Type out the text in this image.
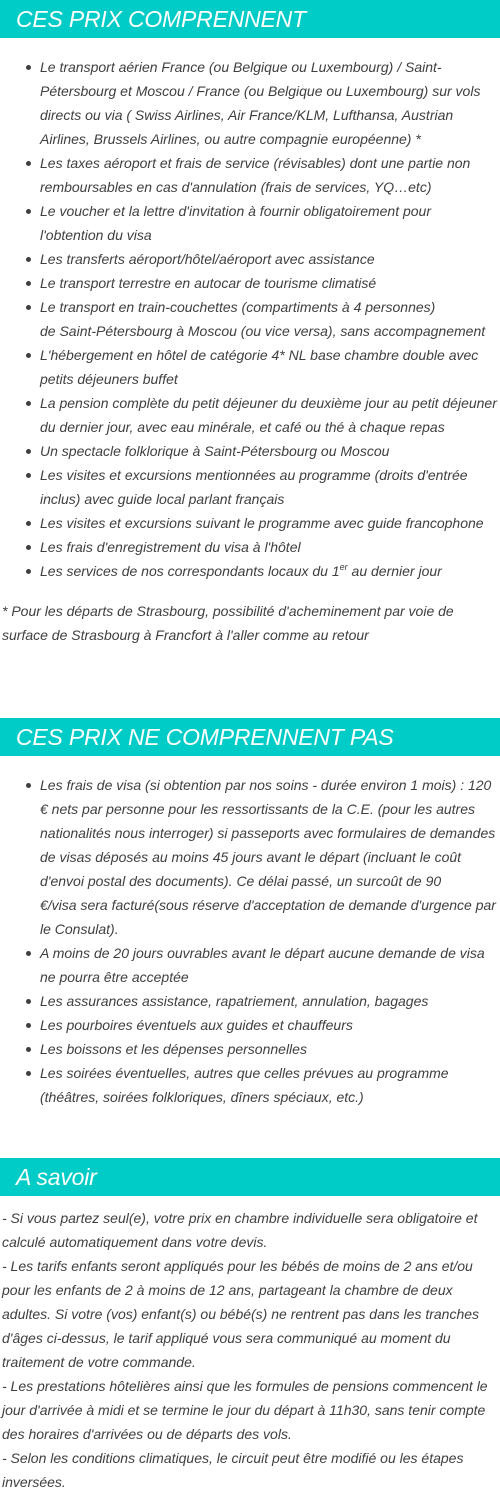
CES PRIX COMPRENNENT
Le transport aérien France (ou Belgique ou Luxembourg) / Saint-Pétersbourg et Moscou / France (ou Belgique ou Luxembourg) sur vols directs ou via ( Swiss Airlines, Air France/KLM, Lufthansa, Austrian Airlines, Brussels Airlines, ou autre compagnie européenne) *
Les taxes aéroport et frais de service (révisables) dont une partie non remboursables en cas d'annulation (frais de services, YQ…etc)
Le voucher et la lettre d'invitation à fournir obligatoirement pour l'obtention du visa
Les transferts aéroport/hôtel/aéroport avec assistance
Le transport terrestre en autocar de tourisme climatisé
Le transport en train-couchettes (compartiments à 4 personnes)
de Saint-Pétersbourg à Moscou (ou vice versa), sans accompagnement
L'hébergement en hôtel de catégorie 4* NL base chambre double avec petits déjeuners buffet
La pension complète du petit déjeuner du deuxième jour au petit déjeuner du dernier jour, avec eau minérale, et café ou thé à chaque repas
Un spectacle folklorique à Saint-Pétersbourg ou Moscou
Les visites et excursions mentionnées au programme (droits d'entrée inclus) avec guide local parlant français
Les visites et excursions suivant le programme avec guide francophone
Les frais d'enregistrement du visa à l'hôtel
Les services de nos correspondants locaux du 1er au dernier jour

* Pour les départs de Strasbourg, possibilité d'acheminement par voie de surface de Strasbourg à Francfort à l'aller comme au retour

CES PRIX NE COMPRENNENT PAS
Les frais de visa (si obtention par nos soins - durée environ 1 mois) : 120
€ nets par personne pour les ressortissants de la C.E. (pour les autres nationalités nous interroger) si passeports avec formulaires de demandes de visas déposés au moins 45 jours avant le départ (incluant le coût d'envoi postal des documents). Ce délai passé, un surcoût de 90
€/visa sera facturé(sous réserve d'acceptation de demande d'urgence par le Consulat).
A moins de 20 jours ouvrables avant le départ aucune demande de visa ne pourra être acceptée
Les assurances assistance, rapatriement, annulation, bagages
Les pourboires éventuels aux guides et chauffeurs
Les boissons et les dépenses personnelles
Les soirées éventuelles, autres que celles prévues au programme (théâtres, soirées folkloriques, dîners spéciaux, etc.)
A savoir

- Si vous partez seul(e), votre prix en chambre individuelle sera obligatoire et calculé automatiquement dans votre devis.

- Les tarifs enfants seront appliqués pour les bébés de moins de 2 ans et/ou pour les enfants de 2 à moins de 12 ans, partageant la chambre de deux adultes. Si votre (vos) enfant(s) ou bébé(s) ne rentrent pas dans les tranches d'âges ci-dessus, le tarif appliqué vous sera communiqué au moment du traitement de votre commande.

- Les prestations hôtelières ainsi que les formules de pensions commencent le jour d'arrivée à midi et se termine le jour du départ à 11h30, sans tenir compte des horaires d'arrivées ou de départs des vols.

- Selon les conditions climatiques, le circuit peut être modifié ou les étapes inversées.
